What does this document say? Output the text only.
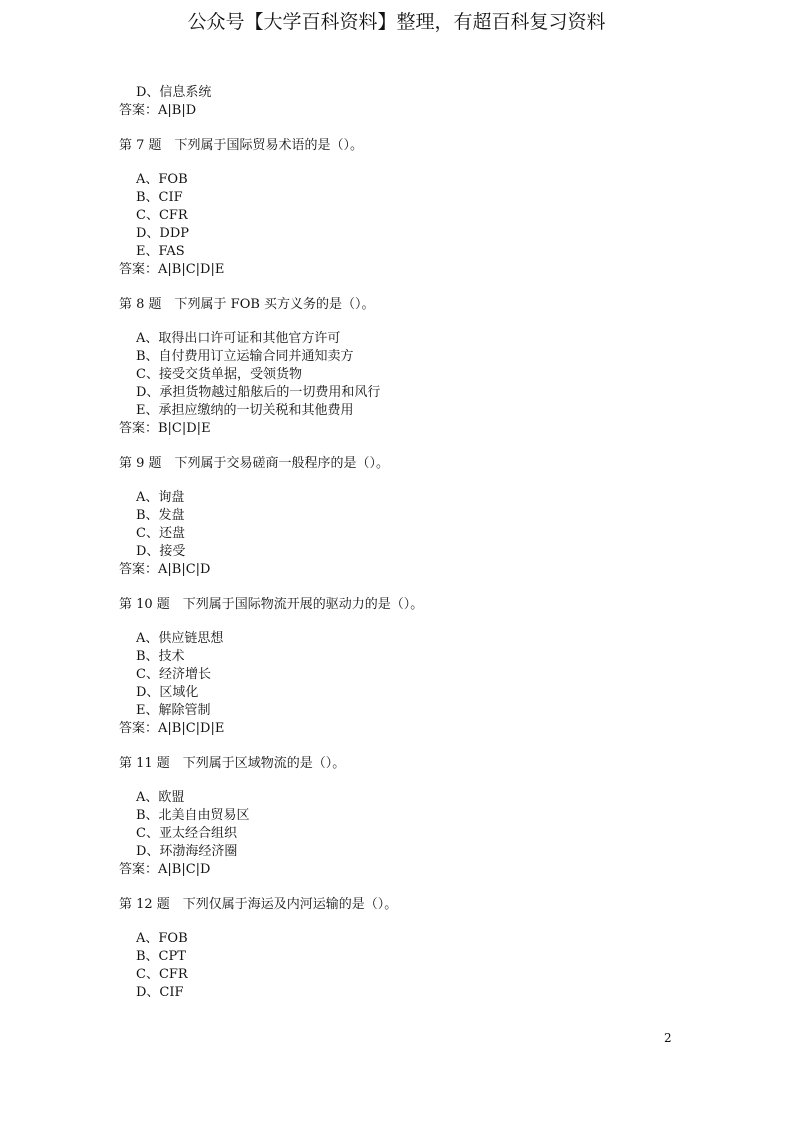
公众号【大学百科资料】整理，有超百科复习资料
D、信息系统
答案：A|B|D
第 7 题　下列属于国际贸易术语的是（）。
A、FOB
B、CIF
C、CFR
D、DDP
E、FAS
答案：A|B|C|D|E
第 8 题　下列属于 FOB 买方义务的是（）。
A、取得出口许可证和其他官方许可
B、自付费用订立运输合同并通知卖方
C、接受交货单据，受领货物
D、承担货物越过船舷后的一切费用和风行
E、承担应缴纳的一切关税和其他费用
答案：B|C|D|E
第 9 题　下列属于交易磋商一般程序的是（）。
A、询盘
B、发盘
C、还盘
D、接受
答案：A|B|C|D
第 10 题　下列属于国际物流开展的驱动力的是（）。
A、供应链思想
B、技术
C、经济增长
D、区域化
E、解除管制
答案：A|B|C|D|E
第 11 题　下列属于区域物流的是（）。
A、欧盟
B、北美自由贸易区
C、亚太经合组织
D、环渤海经济圈
答案：A|B|C|D
第 12 题　下列仅属于海运及内河运输的是（）。
A、FOB
B、CPT
C、CFR
D、CIF
2
